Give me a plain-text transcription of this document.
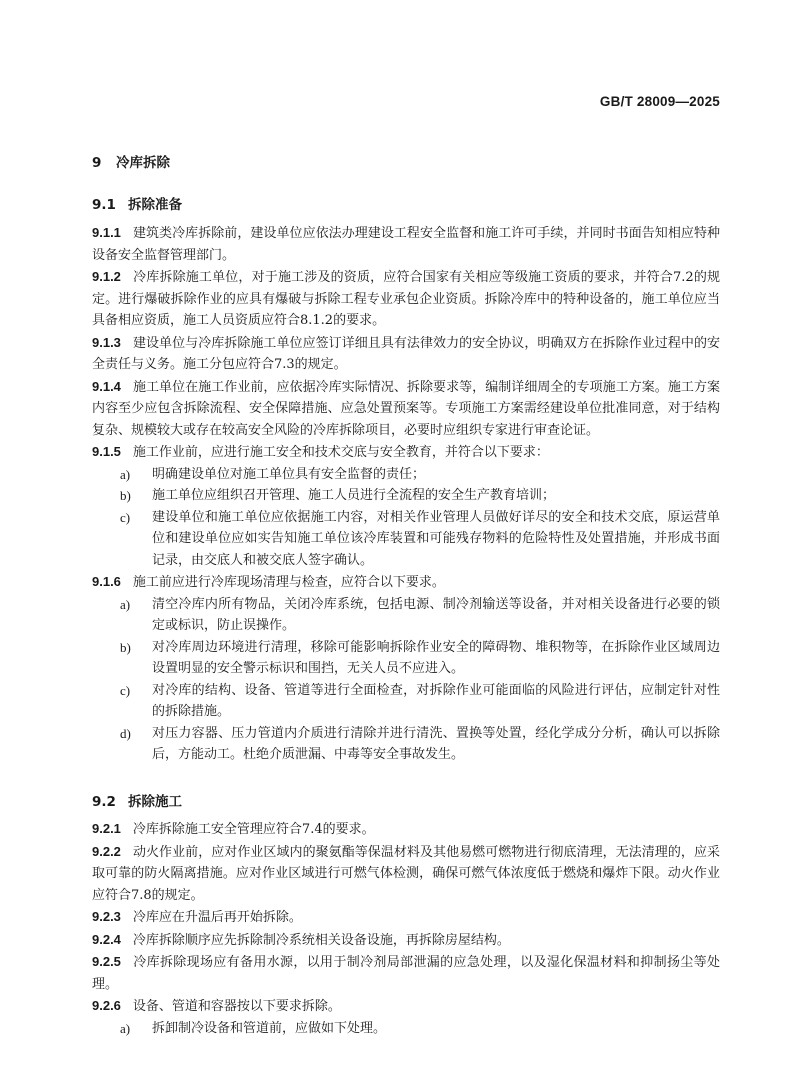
GB/T 28009—2025
9 冷库拆除
9.1 拆除准备

9.1.1 建筑类冷库拆除前，建设单位应依法办理建设工程安全监督和施工许可手续，并同时书面告知相应特种设备安全监督管理部门。

9.1.2 冷库拆除施工单位，对于施工涉及的资质，应符合国家有关相应等级施工资质的要求，并符合7.2的规定。进行爆破拆除作业的应具有爆破与拆除工程专业承包企业资质。拆除冷库中的特种设备的，施工单位应当具备相应资质，施工人员资质应符合8.1.2的要求。

9.1.3 建设单位与冷库拆除施工单位应签订详细且具有法律效力的安全协议，明确双方在拆除作业过程中的安全责任与义务。施工分包应符合7.3的规定。

9.1.4 施工单位在施工作业前，应依据冷库实际情况、拆除要求等，编制详细周全的专项施工方案。施工方案内容至少应包含拆除流程、安全保障措施、应急处置预案等。专项施工方案需经建设单位批准同意，对于结构复杂、规模较大或存在较高安全风险的冷库拆除项目，必要时应组织专家进行审查论证。

9.1.5 施工作业前，应进行施工安全和技术交底与安全教育，并符合以下要求：

a) 明确建设单位对施工单位具有安全监督的责任；

b) 施工单位应组织召开管理、施工人员进行全流程的安全生产教育培训；

c) 建设单位和施工单位应依据施工内容，对相关作业管理人员做好详尽的安全和技术交底，原运营单位和建设单位应如实告知施工单位该冷库装置和可能残存物料的危险特性及处置措施，并形成书面记录，由交底人和被交底人签字确认。

9.1.6 施工前应进行冷库现场清理与检查，应符合以下要求。

a) 清空冷库内所有物品，关闭冷库系统，包括电源、制冷剂输送等设备，并对相关设备进行必要的锁定或标识，防止误操作。

b) 对冷库周边环境进行清理，移除可能影响拆除作业安全的障碍物、堆积物等，在拆除作业区域周边设置明显的安全警示标识和围挡，无关人员不应进入。

c) 对冷库的结构、设备、管道等进行全面检查，对拆除作业可能面临的风险进行评估，应制定针对性的拆除措施。

d) 对压力容器、压力管道内介质进行清除并进行清洗、置换等处置，经化学成分分析，确认可以拆除后，方能动工。杜绝介质泄漏、中毒等安全事故发生。

9.2 拆除施工

9.2.1 冷库拆除施工安全管理应符合7.4的要求。

9.2.2 动火作业前，应对作业区域内的聚氨酯等保温材料及其他易燃可燃物进行彻底清理，无法清理的，应采取可靠的防火隔离措施。应对作业区域进行可燃气体检测，确保可燃气体浓度低于燃烧和爆炸下限。动火作业应符合7.8的规定。

9.2.3 冷库应在升温后再开始拆除。

9.2.4 冷库拆除顺序应先拆除制冷系统相关设备设施，再拆除房屋结构。

9.2.5 冷库拆除现场应有备用水源，以用于制冷剂局部泄漏的应急处理，以及湿化保温材料和抑制扬尘等处理。

9.2.6 设备、管道和容器按以下要求拆除。

a) 拆卸制冷设备和管道前，应做如下处理。
